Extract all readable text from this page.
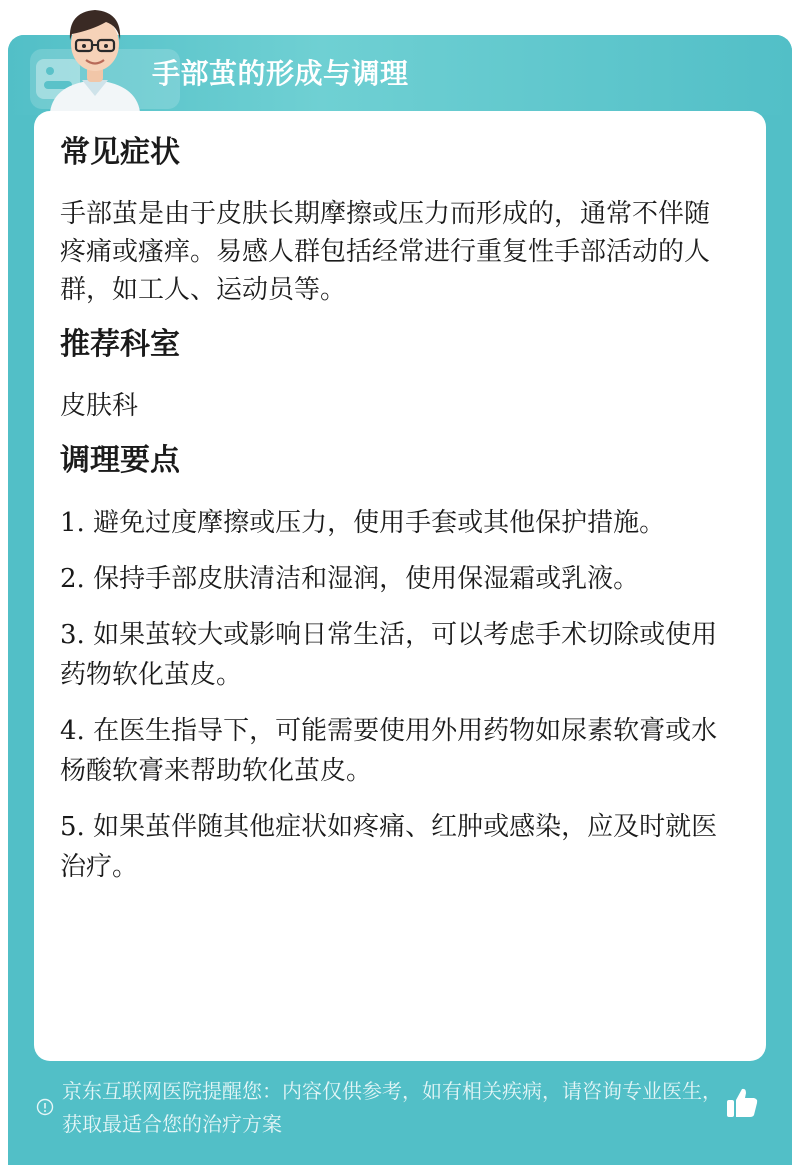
手部茧的形成与调理
常见症状
手部茧是由于皮肤长期摩擦或压力而形成的，通常不伴随疼痛或瘙痒。易感人群包括经常进行重复性手部活动的人群，如工人、运动员等。
推荐科室
皮肤科
调理要点
1. 避免过度摩擦或压力，使用手套或其他保护措施。
2. 保持手部皮肤清洁和湿润，使用保湿霜或乳液。
3. 如果茧较大或影响日常生活，可以考虑手术切除或使用药物软化茧皮。
4. 在医生指导下，可能需要使用外用药物如尿素软膏或水杨酸软膏来帮助软化茧皮。
5. 如果茧伴随其他症状如疼痛、红肿或感染，应及时就医治疗。
京东互联网医院提醒您：内容仅供参考，如有相关疾病，请咨询专业医生，获取最适合您的治疗方案
